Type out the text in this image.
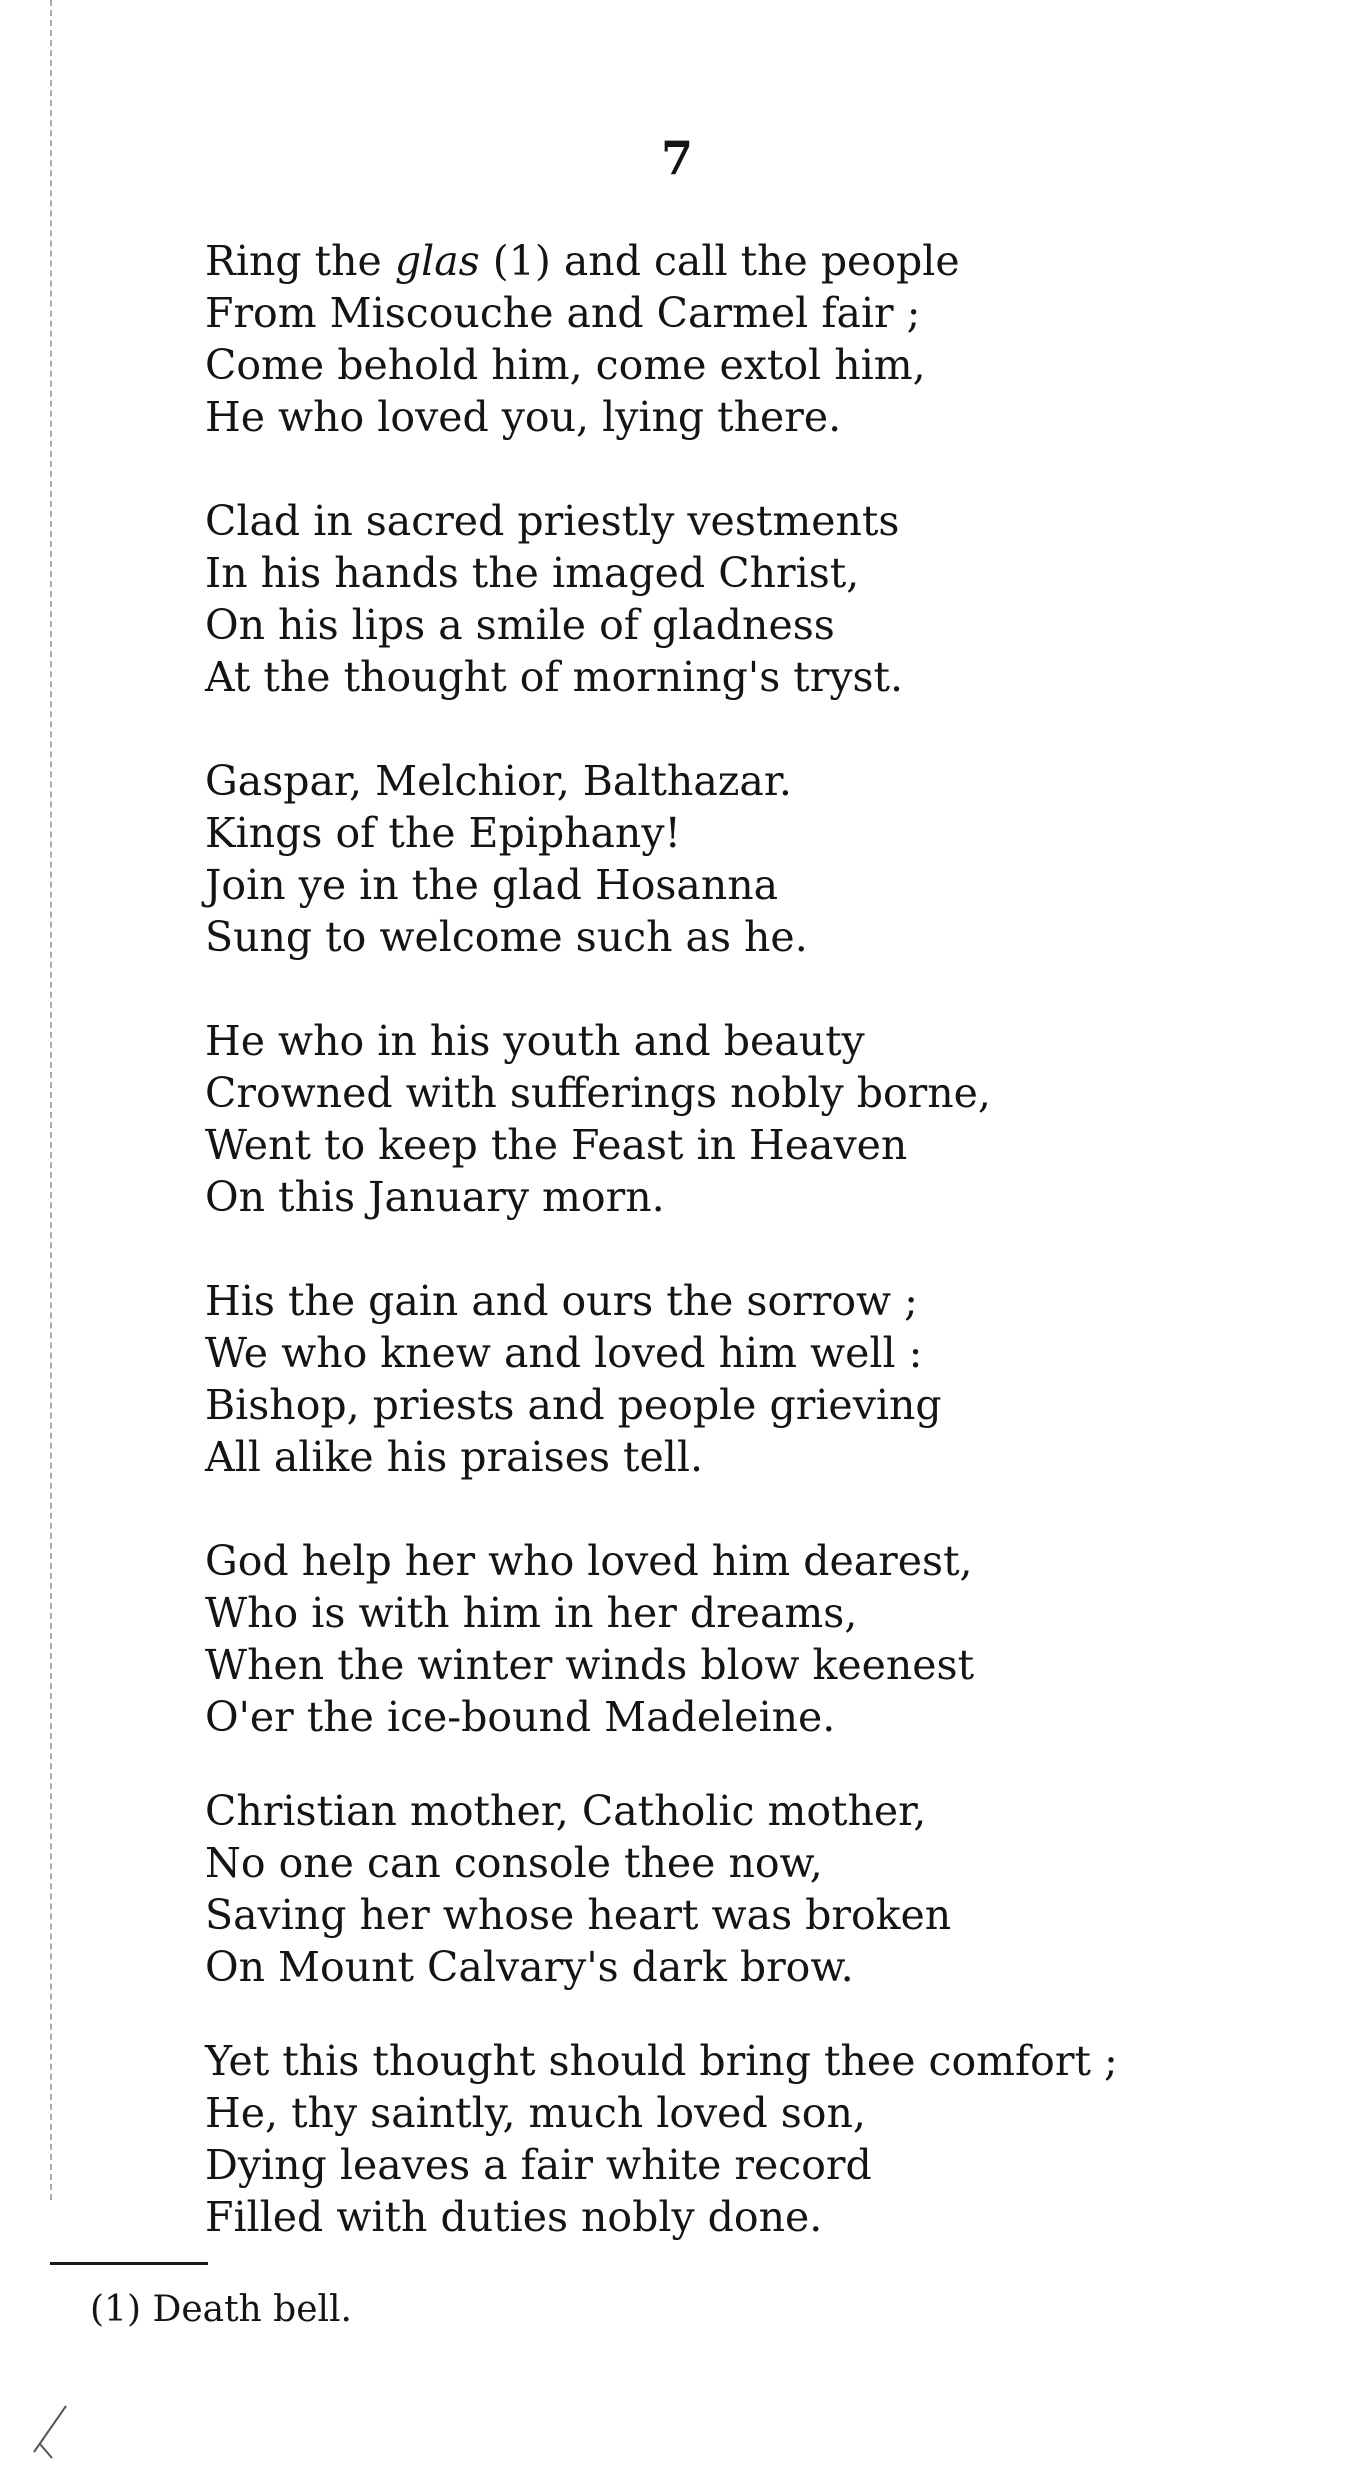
7
Ring the glas (1) and call the people
From Miscouche and Carmel fair ;
Come behold him, come extol him,
He who loved you, lying there.
Clad in sacred priestly vestments
In his hands the imaged Christ,
On his lips a smile of gladness
At the thought of morning's tryst.
Gaspar, Melchior, Balthazar.
Kings of the Epiphany!
Join ye in the glad Hosanna
Sung to welcome such as he.
He who in his youth and beauty
Crowned with sufferings nobly borne,
Went to keep the Feast in Heaven
On this January morn.
His the gain and ours the sorrow ;
We who knew and loved him well :
Bishop, priests and people grieving
All alike his praises tell.
God help her who loved him dearest,
Who is with him in her dreams,
When the winter winds blow keenest
O'er the ice-bound Madeleine.
Christian mother, Catholic mother,
No one can console thee now,
Saving her whose heart was broken
On Mount Calvary's dark brow.
Yet this thought should bring thee comfort ;
He, thy saintly, much loved son,
Dying leaves a fair white record
Filled with duties nobly done.
(1) Death bell.
